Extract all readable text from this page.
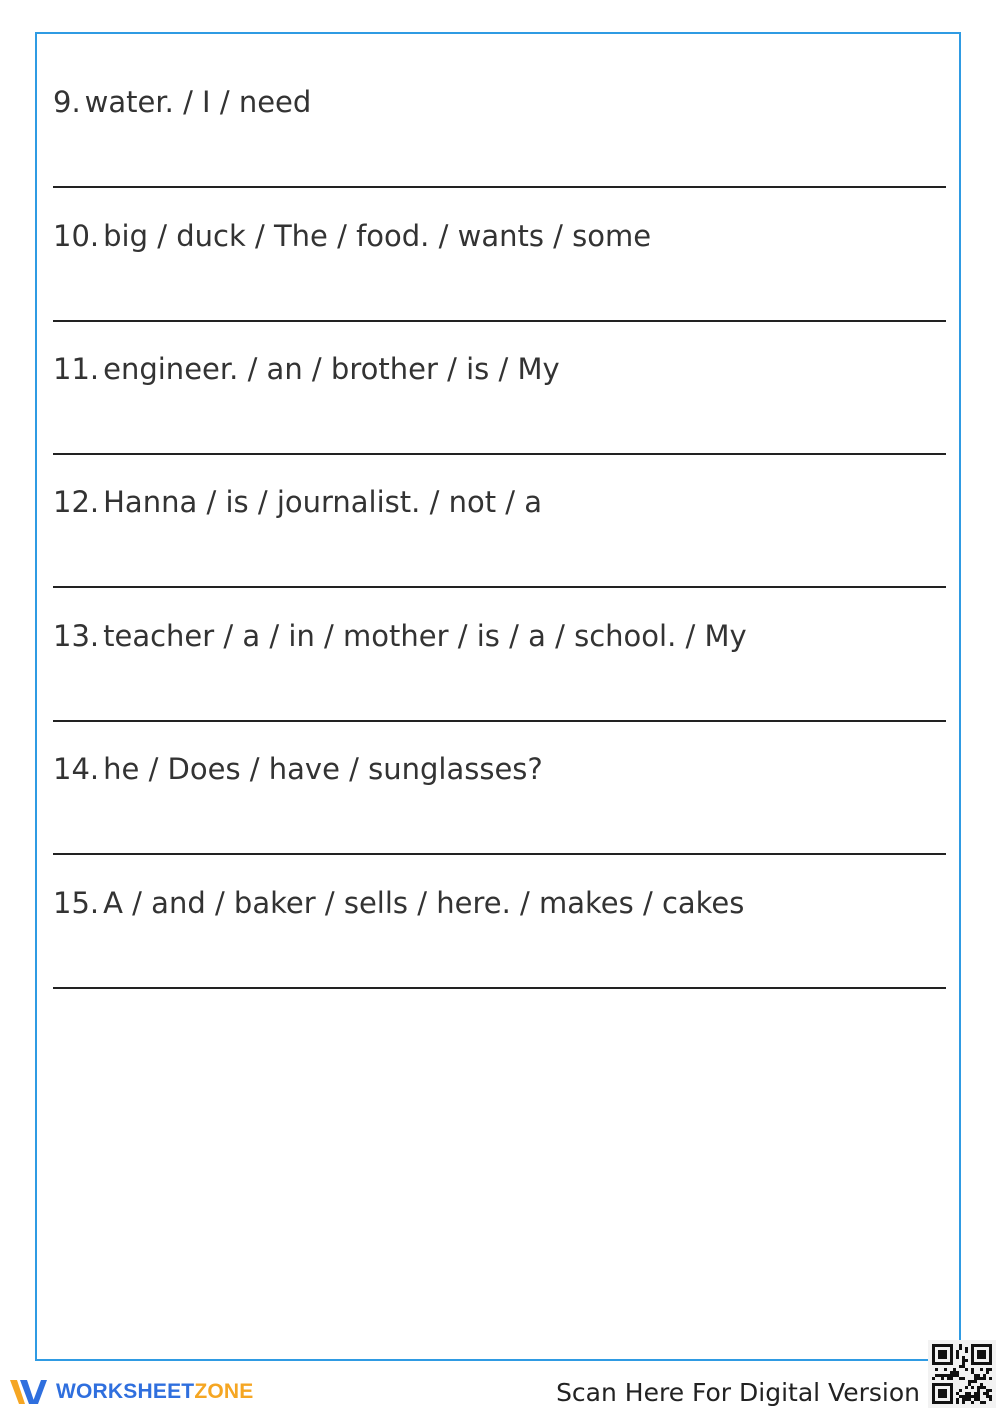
9. water. / I / need
10. big / duck / The / food. / wants / some
11. engineer. / an / brother / is / My
12. Hanna / is / journalist. / not / a
13. teacher / a / in / mother / is / a / school. / My
14. he / Does / have / sunglasses?
15. A / and / baker / sells / here. / makes / cakes
WORKSHEETZONE	Scan Here For Digital Version
